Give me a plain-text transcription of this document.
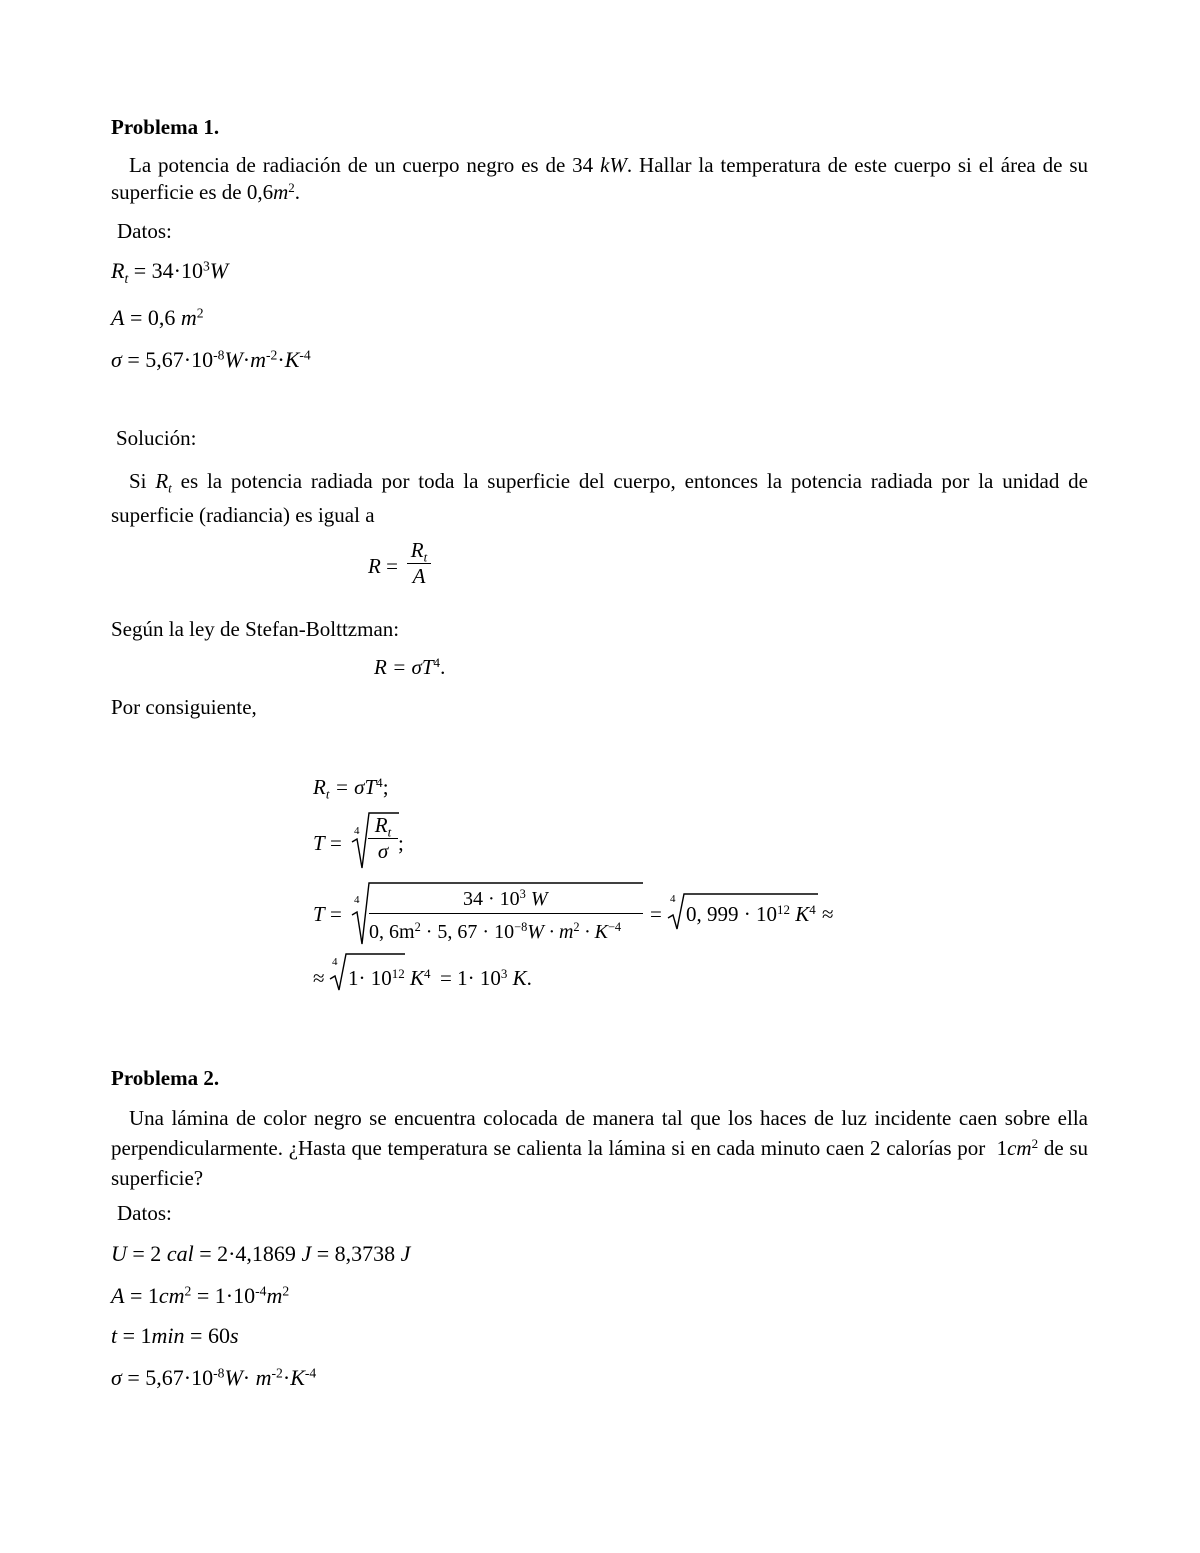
Problema 1.
La potencia de radiación de un cuerpo negro es de 34 kW. Hallar la temperatura de este cuerpo si el área de su superficie es de $0,6m^2$.
Datos:
$R_t = 34\cdot 10^3W$
A = 0,6 $m^2$
$\sigma = 5,67\cdot 10^{-8}W\cdot m^{-2}\cdot K^{-4}$
Solución:
Si $R_t$ es la potencia radiada por toda la superficie del cuerpo, entonces la potencia radiada por la unidad de superficie (radiancia) es igual a
R =
$R_t$
A
Según la ley de Stefan-Bolttzman:
$R = \sigma T^4$.
Por consiguiente,
$R_t = \sigma T^4$;
T = 4 $R_t$
σ ;
T =
4	$34 \cdot 10^3$ W
0, $6m^2 \cdot 5$, $67 \cdot 10^{-8}W \cdot m^2 \cdot K^{-4}$
=
4
0, $999 \cdot 10^{12}$ $K^4$ ≈
≈
4
$1\cdot 10^{12}$ $K^4 = 1\cdot 10^3$ K.
Problema 2.
Una lámina de color negro se encuentra colocada de manera tal que los haces de luz incidente caen sobre ella perpendicularmente. ¿Hasta que temperatura se calienta la lámina si en cada minuto caen 2 calorías por $1cm^2$ de su superficie?
Datos:
U = 2 cal = 2·4,1869 J = 8,3738 J
$A = 1cm^2 = 1\cdot 10^{-4}m^2$
t = 1min = 60s
$\sigma = 5,67\cdot 10^{-8}W\cdot m^{-2}\cdot K^{-4}$
